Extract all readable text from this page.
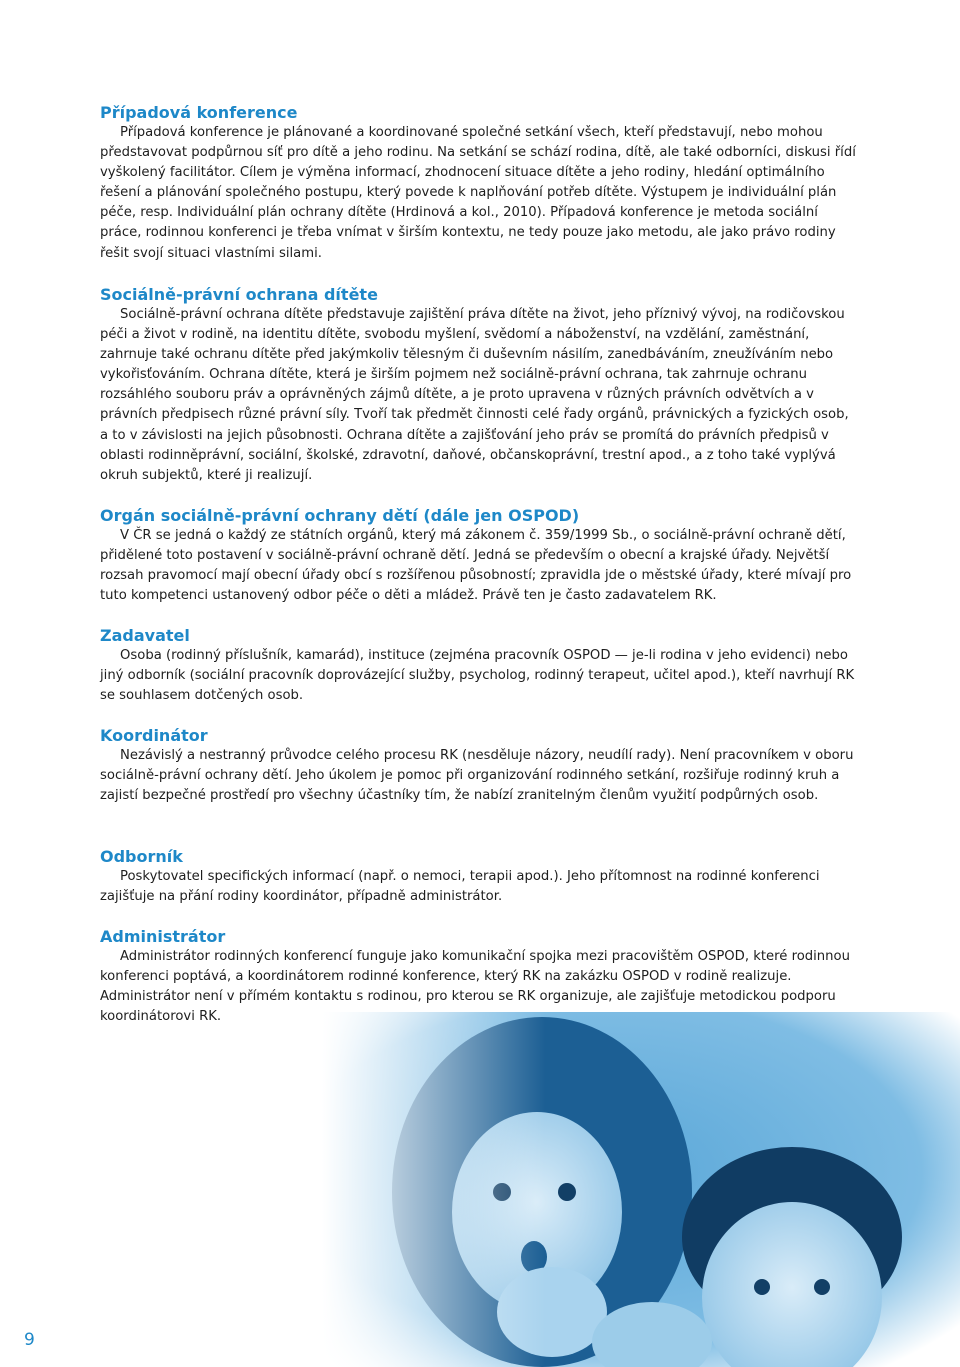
Případová konference

Případová konference je plánované a koordinované společné setkání všech, kteří představují, nebo mohou představovat podpůrnou síť pro dítě a jeho rodinu. Na setkání se schází rodina, dítě, ale také odborníci, diskusi řídí vyškolený facilitátor. Cílem je výměna informací, zhodnocení situace dítěte a jeho rodiny, hledání optimálního řešení a plánování společného postupu, který povede k naplňování potřeb dítěte. Výstupem je individuální plán péče, resp. Individuální plán ochrany dítěte (Hrdinová a kol., 2010). Případová konference je metoda sociální práce, rodinnou konferenci je třeba vnímat v širším kontextu, ne tedy pouze jako metodu, ale jako právo rodiny řešit svojí situaci vlastními silami.

Sociálně-právní ochrana dítěte

Sociálně-právní ochrana dítěte představuje zajištění práva dítěte na život, jeho příznivý vývoj, na rodičovskou péči a život v rodině, na identitu dítěte, svobodu myšlení, svědomí a náboženství, na vzdělání, zaměstnání, zahrnuje také ochranu dítěte před jakýmkoliv tělesným či duševním násilím, zanedbáváním, zneužíváním nebo vykořisťováním. Ochrana dítěte, která je širším pojmem než sociálně-právní ochrana, tak zahrnuje ochranu rozsáhlého souboru práv a oprávněných zájmů dítěte, a je proto upravena v různých právních odvětvích a v právních předpisech různé právní síly. Tvoří tak předmět činnosti celé řady orgánů, právnických a fyzických osob, a to v závislosti na jejich působnosti. Ochrana dítěte a zajišťování jeho práv se promítá do právních předpisů v oblasti rodinněprávní, sociální, školské, zdravotní, daňové, občanskoprávní, trestní apod., a z toho také vyplývá okruh subjektů, které ji realizují.

Orgán sociálně-právní ochrany dětí (dále jen OSPOD)

V ČR se jedná o každý ze státních orgánů, který má zákonem č. 359/1999 Sb., o sociálně-právní ochraně dětí, přidělené toto postavení v sociálně-právní ochraně dětí. Jedná se především o obecní a krajské úřady. Největší rozsah pravomocí mají obecní úřady obcí s rozšířenou působností; zpravidla jde o městské úřady, které mívají pro tuto kompetenci ustanovený odbor péče o děti a mládež. Právě ten je často zadavatelem RK.

Zadavatel

Osoba (rodinný příslušník, kamarád), instituce (zejména pracovník OSPOD — je-li rodina v jeho evidenci) nebo jiný odborník (sociální pracovník doprovázející služby, psycholog, rodinný terapeut, učitel apod.), kteří navrhují RK se souhlasem dotčených osob.

Koordinátor

Nezávislý a nestranný průvodce celého procesu RK (nesděluje názory, neudílí rady). Není pracovníkem v oboru sociálně-právní ochrany dětí. Jeho úkolem je pomoc při organizování rodinného setkání, rozšiřuje rodinný kruh a zajistí bezpečné prostředí pro všechny účastníky tím, že nabízí zranitelným členům využití podpůrných osob.

Odborník

Poskytovatel specifických informací (např. o nemoci, terapii apod.). Jeho přítomnost na rodinné konferenci zajišťuje na přání rodiny koordinátor, případně administrátor.

Administrátor

Administrátor rodinných konferencí funguje jako komunikační spojka mezi pracovištěm OSPOD, které rodinnou konferenci poptává, a koordinátorem rodinné konference, který RK na zakázku OSPOD v rodině realizuje. Administrátor není v přímém kontaktu s rodinou, pro kterou se RK organizuje, ale zajišťuje metodickou podporu koordinátorovi RK.

9
